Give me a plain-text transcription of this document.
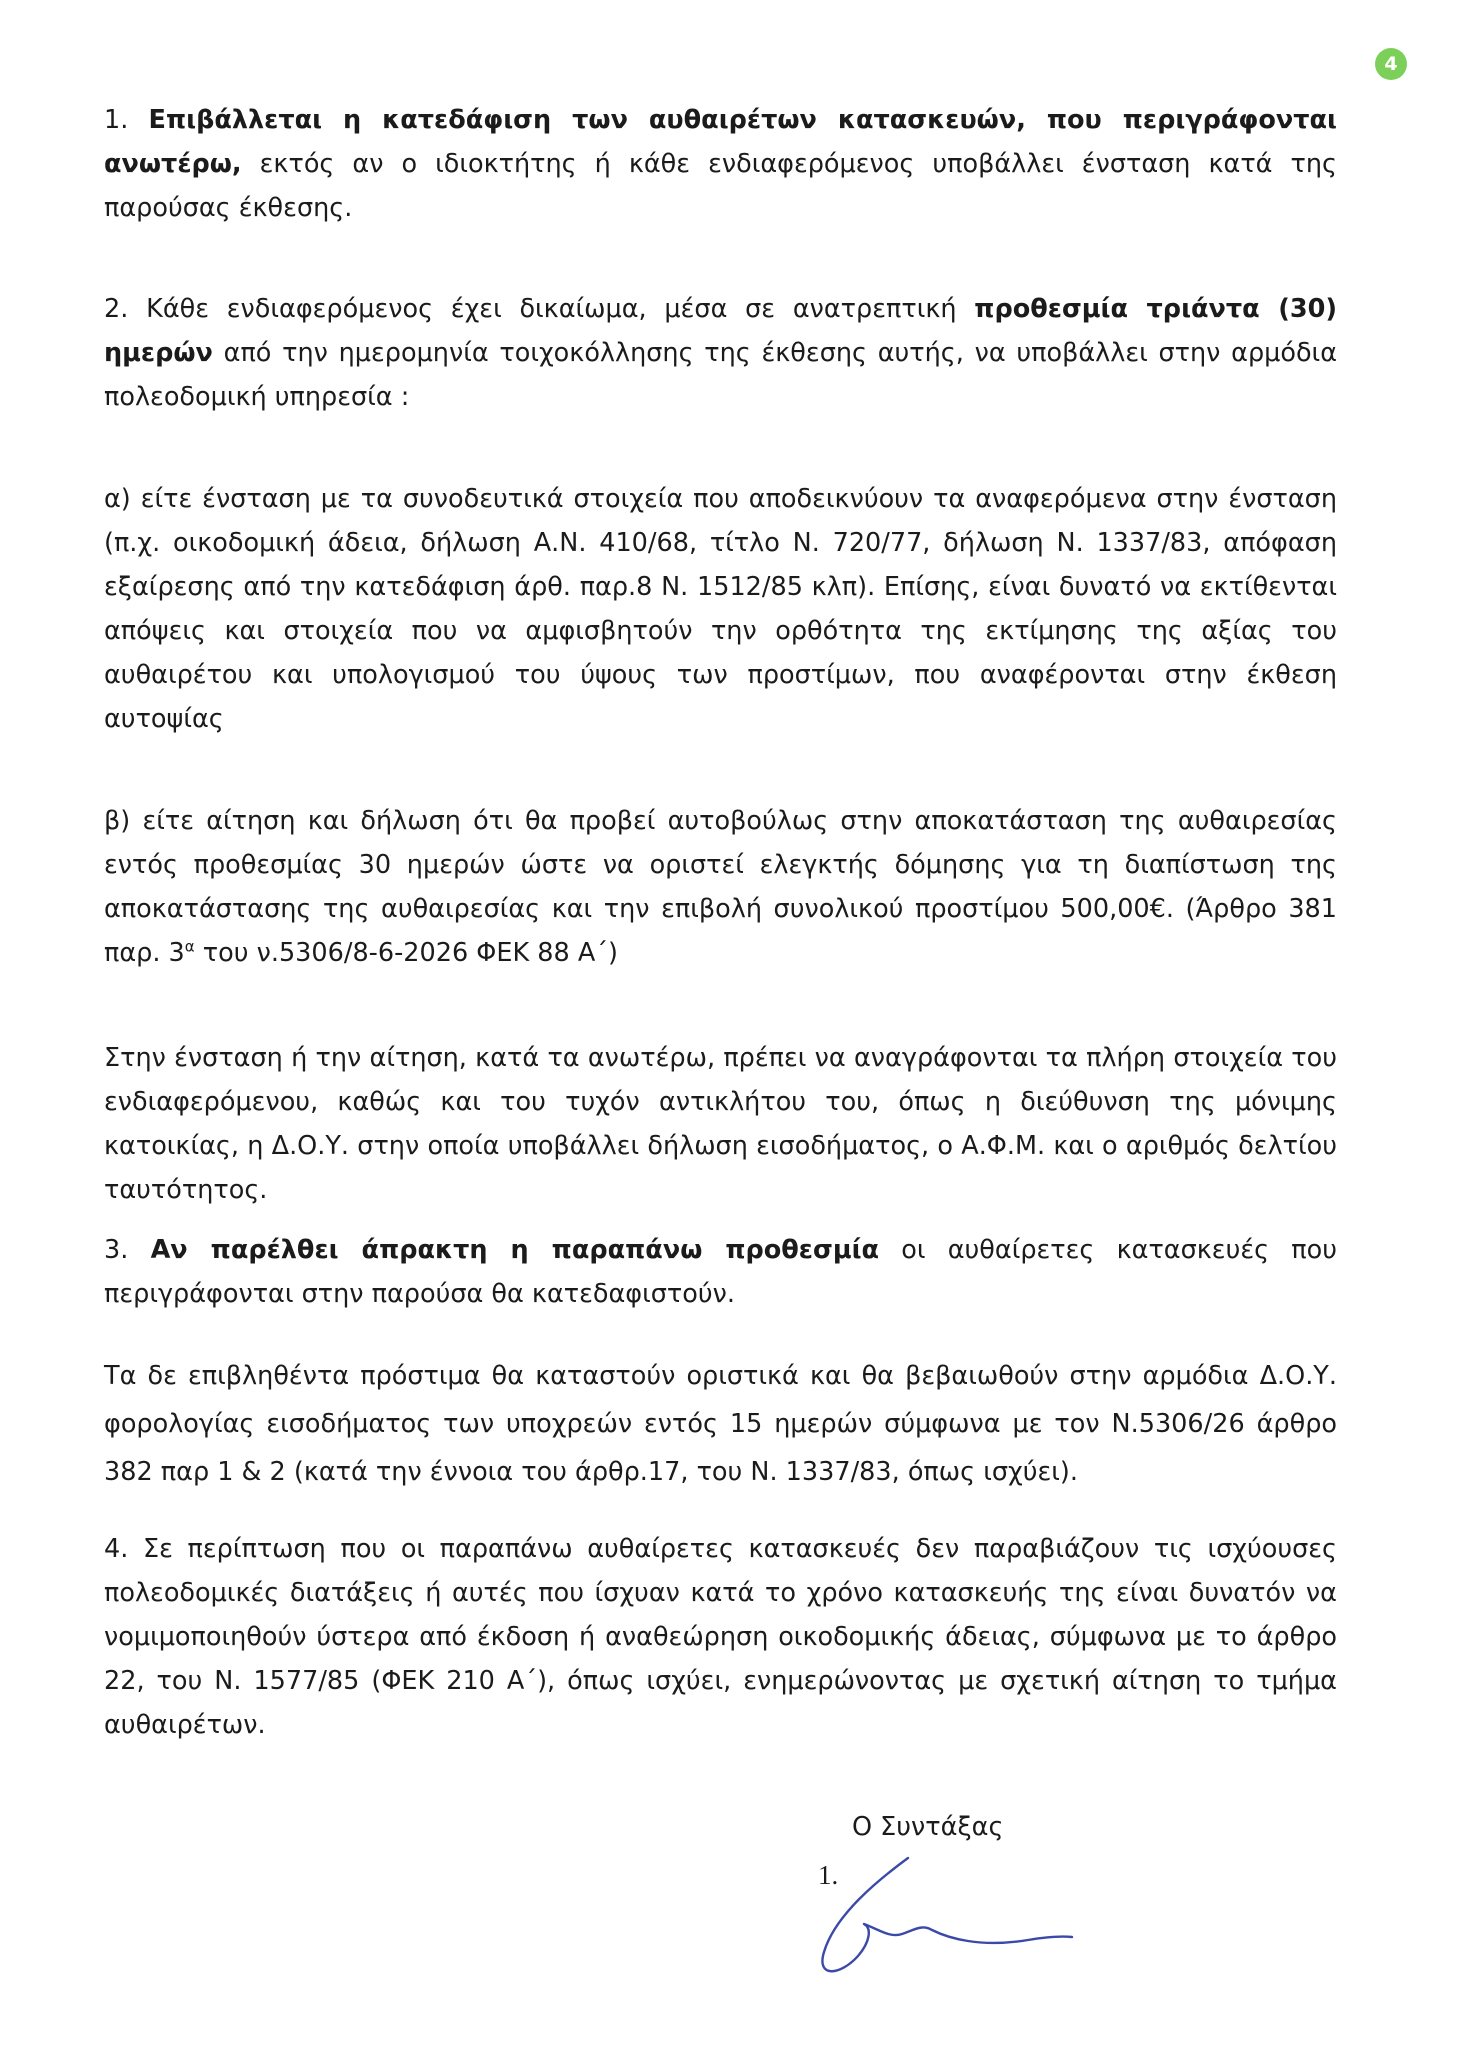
4

1. Επιβάλλεται η κατεδάφιση των αυθαιρέτων κατασκευών, που περιγράφονται ανωτέρω, εκτός αν ο ιδιοκτήτης ή κάθε ενδιαφερόμενος υποβάλλει ένσταση κατά της παρούσας έκθεσης.

2. Κάθε ενδιαφερόμενος έχει δικαίωμα, μέσα σε ανατρεπτική προθεσμία τριάντα (30) ημερών από την ημερομηνία τοιχοκόλλησης της έκθεσης αυτής, να υποβάλλει στην αρμόδια πολεοδομική υπηρεσία :

α) είτε ένσταση με τα συνοδευτικά στοιχεία που αποδεικνύουν τα αναφερόμενα στην ένσταση (π.χ. οικοδομική άδεια, δήλωση Α.Ν. 410/68, τίτλο Ν. 720/77, δήλωση Ν. 1337/83, απόφαση εξαίρεσης από την κατεδάφιση άρθ. παρ.8 Ν. 1512/85 κλπ). Επίσης, είναι δυνατό να εκτίθενται απόψεις και στοιχεία που να αμφισβητούν την ορθότητα της εκτίμησης της αξίας του αυθαιρέτου και υπολογισμού του ύψους των προστίμων, που αναφέρονται στην έκθεση αυτοψίας

β) είτε αίτηση και δήλωση ότι θα προβεί αυτοβούλως στην αποκατάσταση της αυθαιρεσίας εντός προθεσμίας 30 ημερών ώστε να οριστεί ελεγκτής δόμησης για τη διαπίστωση της αποκατάστασης της αυθαιρεσίας και την επιβολή συνολικού προστίμου 500,00€. (Άρθρο 381 παρ. $3^\alpha$ του ν.5306/8-6-2026 ΦΕΚ 88 Α΄)

Στην ένσταση ή την αίτηση, κατά τα ανωτέρω, πρέπει να αναγράφονται τα πλήρη στοιχεία του ενδιαφερόμενου, καθώς και του τυχόν αντικλήτου του, όπως η διεύθυνση της μόνιμης κατοικίας, η Δ.Ο.Υ. στην οποία υποβάλλει δήλωση εισοδήματος, ο Α.Φ.Μ. και ο αριθμός δελτίου ταυτότητος.

3. Αν παρέλθει άπρακτη η παραπάνω προθεσμία οι αυθαίρετες κατασκευές που περιγράφονται στην παρούσα θα κατεδαφιστούν.

Τα δε επιβληθέντα πρόστιμα θα καταστούν οριστικά και θα βεβαιωθούν στην αρμόδια Δ.Ο.Υ. φορολογίας εισοδήματος των υποχρεών εντός 15 ημερών σύμφωνα με τον Ν.5306/26 άρθρο 382 παρ 1 & 2 (κατά την έννοια του άρθρ.17, του Ν. 1337/83, όπως ισχύει).

4. Σε περίπτωση που οι παραπάνω αυθαίρετες κατασκευές δεν παραβιάζουν τις ισχύουσες πολεοδομικές διατάξεις ή αυτές που ίσχυαν κατά το χρόνο κατασκευής της είναι δυνατόν να νομιμοποιηθούν ύστερα από έκδοση ή αναθεώρηση οικοδομικής άδειας, σύμφωνα με το άρθρο 22, του Ν. 1577/85 (ΦΕΚ 210 Α΄), όπως ισχύει, ενημερώνοντας με σχετική αίτηση το τμήμα αυθαιρέτων.

Ο Συντάξας
1.
